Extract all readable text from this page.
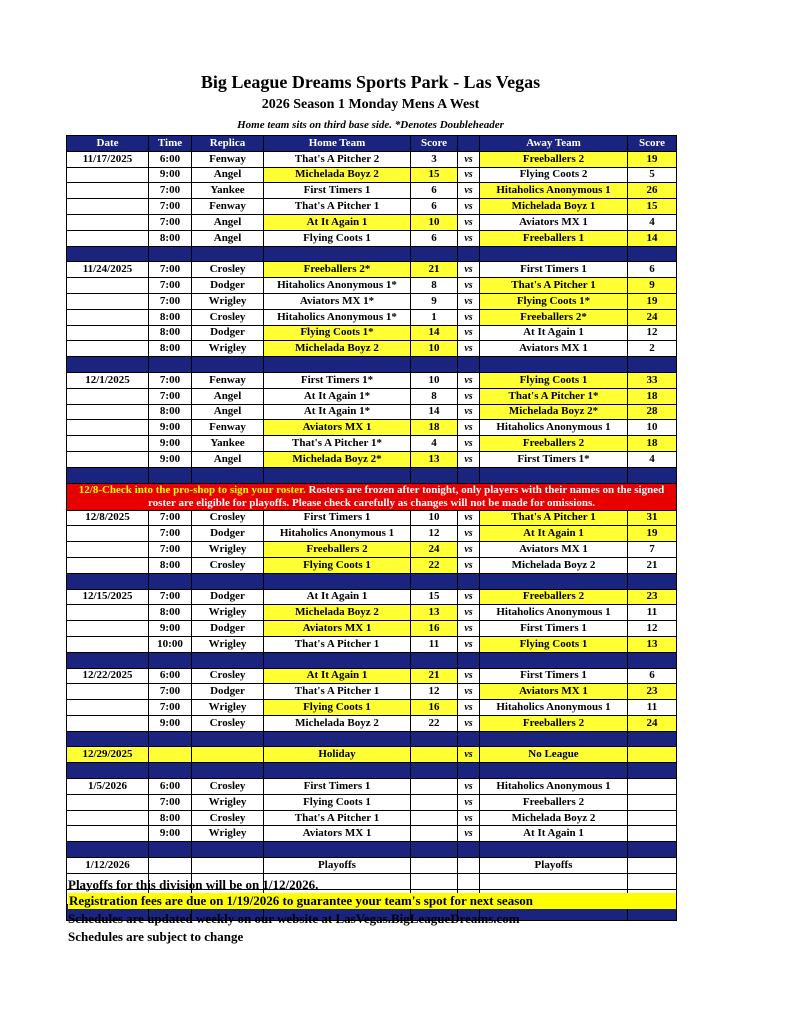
Big League Dreams Sports Park - Las Vegas
2026 Season 1 Monday Mens A West
Home team sits on third base side. *Denotes Doubleheader
Date	Time	Replica	Home Team	Score		Away Team	Score
11/17/2025	6:00	Fenway	That's A Pitcher 2	3	vs	Freeballers 2	19
	9:00	Angel	Michelada Boyz 2	15	vs	Flying Coots 2	5
	7:00	Yankee	First Timers 1	6	vs	Hitaholics Anonymous 1	26
	7:00	Fenway	That's A Pitcher 1	6	vs	Michelada Boyz 1	15
	7:00	Angel	At It Again 1	10	vs	Aviators MX 1	4
	8:00	Angel	Flying Coots 1	6	vs	Freeballers 1	14

11/24/2025	7:00	Crosley	Freeballers 2*	21	vs	First Timers 1	6
	7:00	Dodger	Hitaholics Anonymous 1*	8	vs	That's A Pitcher 1	9
	7:00	Wrigley	Aviators MX 1*	9	vs	Flying Coots 1*	19
	8:00	Crosley	Hitaholics Anonymous 1*	1	vs	Freeballers 2*	24
	8:00	Dodger	Flying Coots 1*	14	vs	At It Again 1	12
	8:00	Wrigley	Michelada Boyz 2	10	vs	Aviators MX 1	2

12/1/2025	7:00	Fenway	First Timers 1*	10	vs	Flying Coots 1	33
	7:00	Angel	At It Again 1*	8	vs	That's A Pitcher 1*	18
	8:00	Angel	At It Again 1*	14	vs	Michelada Boyz 2*	28
	9:00	Fenway	Aviators MX 1	18	vs	Hitaholics Anonymous 1	10
	9:00	Yankee	That's A Pitcher 1*	4	vs	Freeballers 2	18
	9:00	Angel	Michelada Boyz 2*	13	vs	First Timers 1*	4

12/8-Check into the pro-shop to sign your roster. Rosters are frozen after tonight, only players with their names on the signed roster are eligible for playoffs. Please check carefully as changes will not be made for omissions.							
12/8/2025	7:00	Crosley	First Timers 1	10	vs	That's A Pitcher 1	31
	7:00	Dodger	Hitaholics Anonymous 1	12	vs	At It Again 1	19
	7:00	Wrigley	Freeballers 2	24	vs	Aviators MX 1	7
	8:00	Crosley	Flying Coots 1	22	vs	Michelada Boyz 2	21

12/15/2025	7:00	Dodger	At It Again 1	15	vs	Freeballers 2	23
	8:00	Wrigley	Michelada Boyz 2	13	vs	Hitaholics Anonymous 1	11
	9:00	Dodger	Aviators MX 1	16	vs	First Timers 1	12
	10:00	Wrigley	That's A Pitcher 1	11	vs	Flying Coots 1	13

12/22/2025	6:00	Crosley	At It Again 1	21	vs	First Timers 1	6
	7:00	Dodger	That's A Pitcher 1	12	vs	Aviators MX 1	23
	7:00	Wrigley	Flying Coots 1	16	vs	Hitaholics Anonymous 1	11
	9:00	Crosley	Michelada Boyz 2	22	vs	Freeballers 2	24

12/29/2025			Holiday		vs	No League	

1/5/2026	6:00	Crosley	First Timers 1		vs	Hitaholics Anonymous 1	
	7:00	Wrigley	Flying Coots 1		vs	Freeballers 2	
	8:00	Crosley	That's A Pitcher 1		vs	Michelada Boyz 2	
	9:00	Wrigley	Aviators MX 1		vs	At It Again 1	

1/12/2026			Playoffs			Playoffs	

Playoffs for this division will be on 1/12/2026.
Registration fees are due on 1/19/2026 to guarantee your team's spot for next season
Schedules are updated weekly on our website at LasVegas.BigLeagueDreams.com
Schedules are subject to change
